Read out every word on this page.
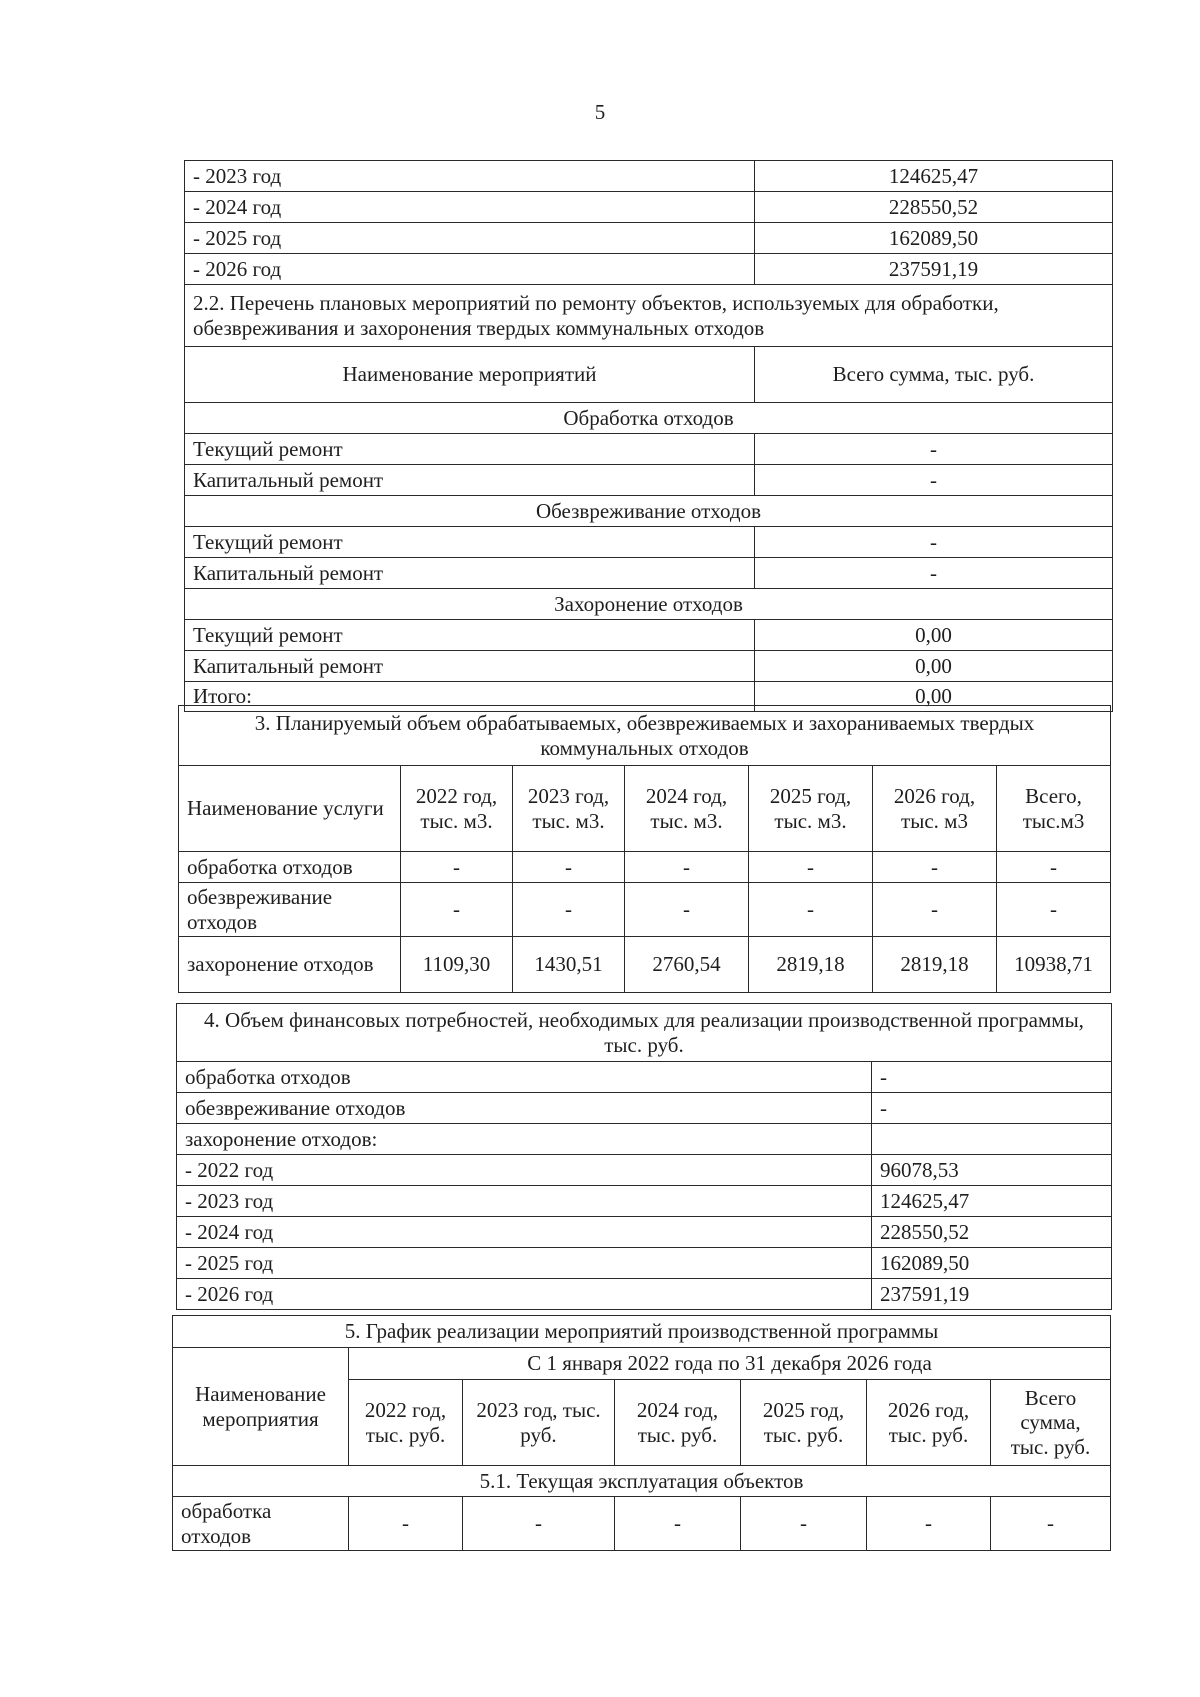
5
- 2023 год	124625,47
- 2024 год	228550,52
- 2025 год	162089,50
- 2026 год	237591,19
2.2. Перечень плановых мероприятий по ремонту объектов, используемых для обработки, обезвреживания и захоронения твердых коммунальных отходов	
Наименование мероприятий	Всего сумма, тыс. руб.
Обработка отходов	
Текущий ремонт	-
Капитальный ремонт	-
Обезвреживание отходов	
Текущий ремонт	-
Капитальный ремонт	-
Захоронение отходов	
Текущий ремонт	0,00
Капитальный ремонт	0,00
Итого:	0,00
3. Планируемый объем обрабатываемых, обезвреживаемых и захораниваемых твердых коммунальных отходов						
Наименование услуги	2022 год, тыс. м3.	2023 год, тыс. м3.	2024 год, тыс. м3.	2025 год, тыс. м3.	2026 год, тыс. м3	Всего, тыс.м3
обработка отходов	-	-	-	-	-	-
обезвреживание отходов	-	-	-	-	-	-
захоронение отходов	1109,30	1430,51	2760,54	2819,18	2819,18	10938,71
4. Объем финансовых потребностей, необходимых для реализации производственной программы, тыс. руб.	
обработка отходов	-
обезвреживание отходов	-
захоронение отходов:	
- 2022 год	96078,53
- 2023 год	124625,47
- 2024 год	228550,52
- 2025 год	162089,50
- 2026 год	237591,19
5. График реализации мероприятий производственной программы						
Наименование мероприятия	С 1 января 2022 года по 31 декабря 2026 года					
	2022 год, тыс. руб.	2023 год, тыс. руб.	2024 год, тыс. руб.	2025 год, тыс. руб.	2026 год, тыс. руб.	Всего сумма, тыс. руб.
5.1. Текущая эксплуатация объектов						
обработка отходов	-	-	-	-	-	-
